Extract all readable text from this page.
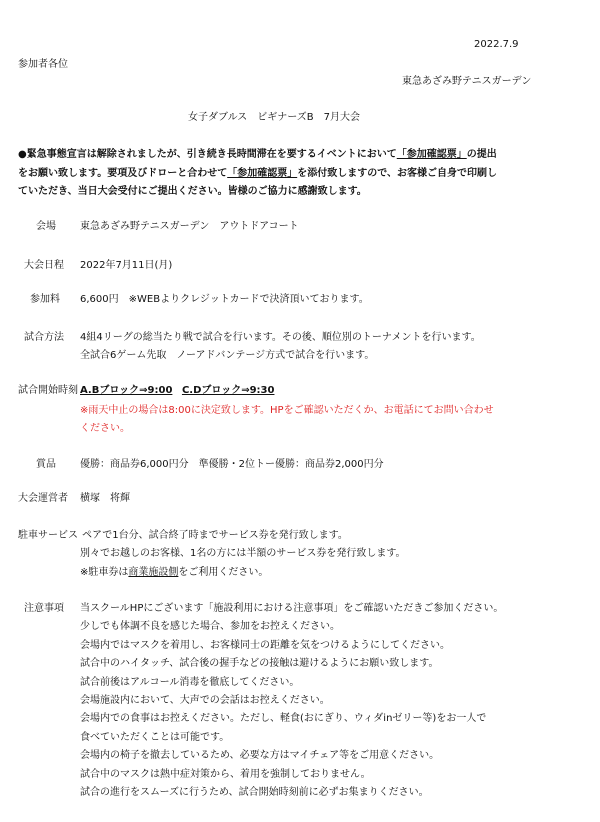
2022.7.9
参加者各位
東急あざみ野テニスガーデン
女子ダブルス　ビギナーズB　7月大会
●緊急事態宣言は解除されましたが、引き続き長時間滞在を要するイベントにおいて「参加確認票」の提出
をお願い致します。要項及びドローと合わせて「参加確認票」を添付致しますので、お客様ご自身で印刷し
ていただき、当日大会受付にご提出ください。皆様のご協力に感謝致します。
会場 東急あざみ野テニスガーデン　アウトドアコート
大会日程 2022年7月11日(月)
参加料 6,600円　※WEBよりクレジットカードで決済頂いております。
試合方法 4組4リーグの総当たり戦で試合を行います。その後、順位別のトーナメントを行います。
全試合6ゲーム先取　ノーアドバンテージ方式で試合を行います。
試合開始時刻 A.Bブロック⇒9:00 C.Dブロック⇒9:30
※雨天中止の場合は8:00に決定致します。HPをご確認いただくか、お電話にてお問い合わせ
ください。
賞品 優勝：商品券6,000円分　準優勝・2位トー優勝：商品券2,000円分
大会運営者 横塚　将輝
駐車サービス ペアで1台分、試合終了時までサービス券を発行致します。
別々でお越しのお客様、1名の方には半額のサービス券を発行致します。
※駐車券は商業施設側をご利用ください。
注意事項 当スクールHPにございます「施設利用における注意事項」をご確認いただきご参加ください。
少しでも体調不良を感じた場合、参加をお控えください。
会場内ではマスクを着用し、お客様同士の距離を気をつけるようにしてください。
試合中のハイタッチ、試合後の握手などの接触は避けるようにお願い致します。
試合前後はアルコール消毒を徹底してください。
会場施設内において、大声での会話はお控えください。
会場内での食事はお控えください。ただし、軽食(おにぎり、ウィダinゼリー等)をお一人で
食べていただくことは可能です。
会場内の椅子を撤去しているため、必要な方はマイチェア等をご用意ください。
試合中のマスクは熱中症対策から、着用を強制しておりません。
試合の進行をスムーズに行うため、試合開始時刻前に必ずお集まりください。
